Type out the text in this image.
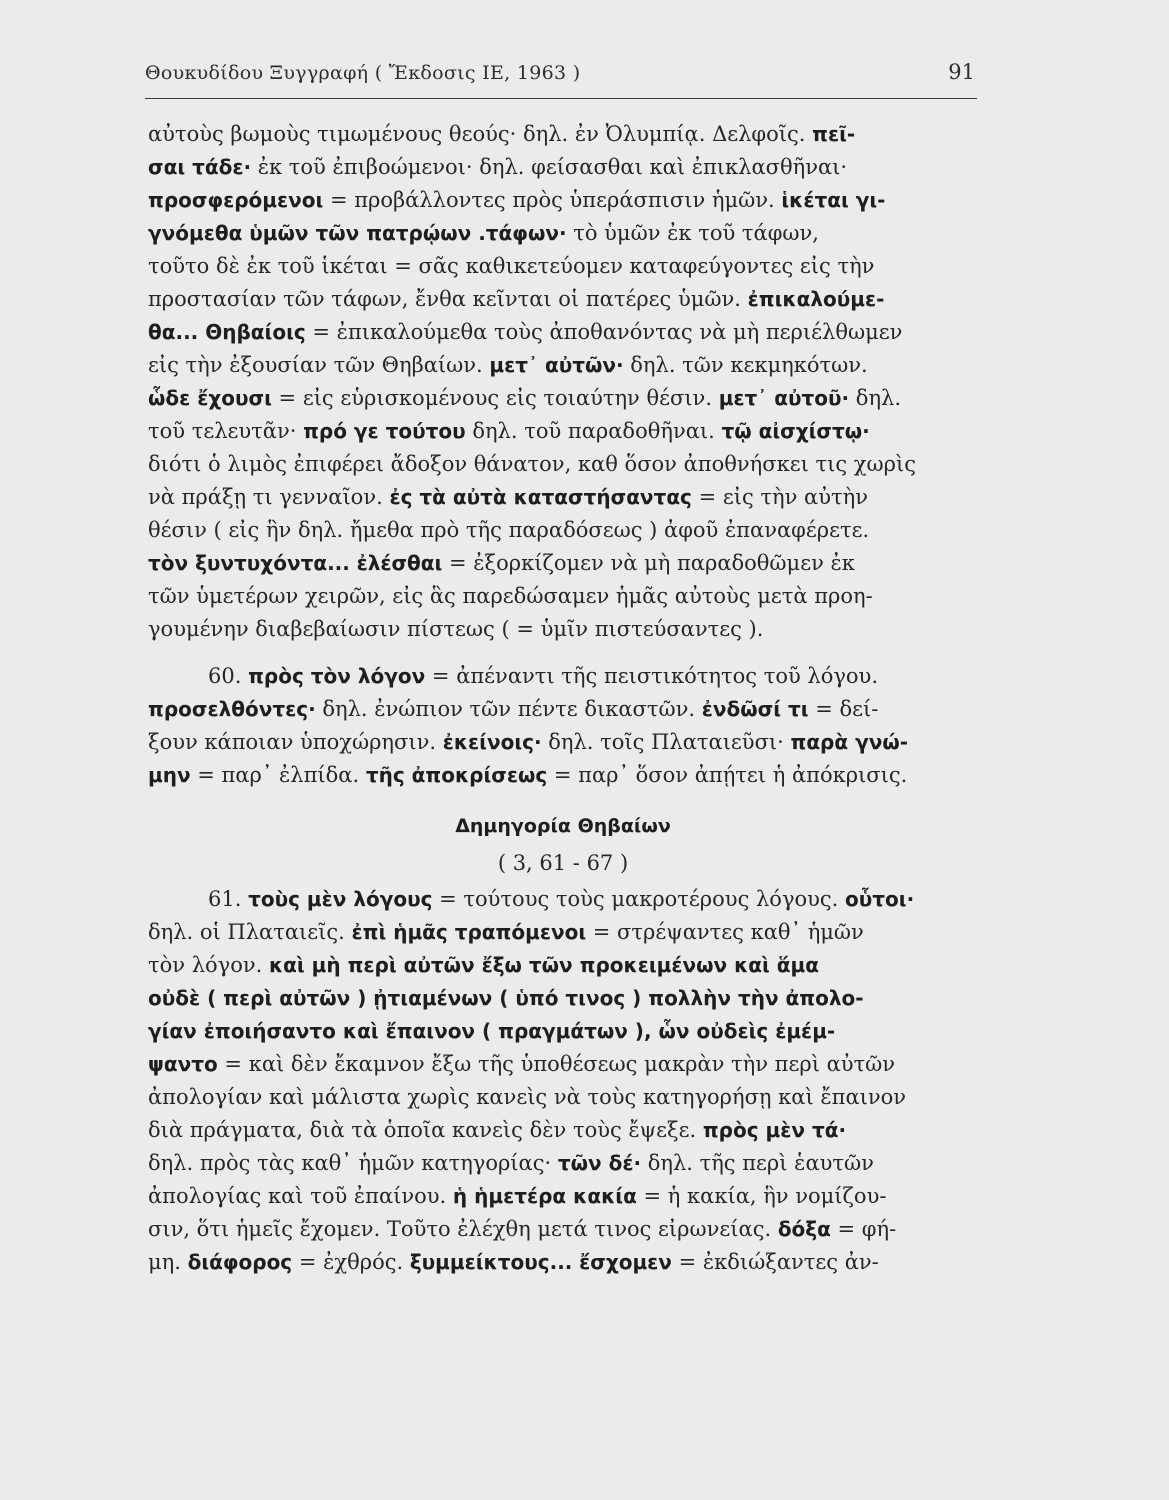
Θουκυδίδου Ξυγγραφή ( Ἔκδοσις ΙΕ, 1963 )	91
αὐτοὺς βωμοὺς τιμωμένους θεούς· δηλ. ἐν Ὀλυμπίᾳ. Δελφοῖς. πεῖ-
σαι τάδε· ἐκ τοῦ ἐπιβοώμενοι· δηλ. φείσασθαι καὶ ἐπικλασθῆναι·
προσφερόμενοι = προβάλλοντες πρὸς ὑπεράσπισιν ἡμῶν. ἱκέται γι-
γνόμεθα ὑμῶν τῶν πατρῴων .τάφων· τὸ ὑμῶν ἐκ τοῦ τάφων,
τοῦτο δὲ ἐκ τοῦ ἱκέται = σᾶς καθικετεύομεν καταφεύγοντες εἰς τὴν
προστασίαν τῶν τάφων, ἔνθα κεῖνται οἱ πατέρες ὑμῶν. ἐπικαλούμε-
θα... Θηβαίοις = ἐπικαλούμεθα τοὺς ἀποθανόντας νὰ μὴ περιέλθωμεν
εἰς τὴν ἐξουσίαν τῶν Θηβαίων. μετ᾽ αὐτῶν· δηλ. τῶν κεκμηκότων.
ὧδε ἔχουσι = εἰς εὑρισκομένους εἰς τοιαύτην θέσιν. μετ᾽ αὐτοῦ· δηλ.
τοῦ τελευτᾶν· πρό γε τούτου δηλ. τοῦ παραδοθῆναι. τῷ αἰσχίστῳ·
διότι ὁ λιμὸς ἐπιφέρει ἄδοξον θάνατον, καθ ὅσον ἀποθνήσκει τις χωρὶς
νὰ πράξῃ τι γενναῖον. ἐς τὰ αὐτὰ καταστήσαντας = εἰς τὴν αὐτὴν
θέσιν ( εἰς ἣν δηλ. ἤμεθα πρὸ τῆς παραδόσεως ) ἀφοῦ ἐπαναφέρετε.
τὸν ξυντυχόντα... ἐλέσθαι = ἐξορκίζομεν νὰ μὴ παραδοθῶμεν ἐκ
τῶν ὑμετέρων χειρῶν, εἰς ἃς παρεδώσαμεν ἡμᾶς αὐτοὺς μετὰ προη-
γουμένην διαβεβαίωσιν πίστεως ( = ὑμῖν πιστεύσαντες ).
60. πρὸς τὸν λόγον = ἀπέναντι τῆς πειστικότητος τοῦ λόγου.
προσελθόντες· δηλ. ἐνώπιον τῶν πέντε δικαστῶν. ἐνδῶσί τι = δεί-
ξουν κάποιαν ὑποχώρησιν. ἐκείνοις· δηλ. τοῖς Πλαταιεῦσι· παρὰ γνώ-
μην = παρ᾽ ἐλπίδα. τῆς ἀποκρίσεως = παρ᾽ ὅσον ἀπῄτει ἡ ἀπόκρισις.
Δημηγορία Θηβαίων
( 3, 61 - 67 )
61. τοὺς μὲν λόγους = τούτους τοὺς μακροτέρους λόγους. οὗτοι·
δηλ. οἱ Πλαταιεῖς. ἐπὶ ἡμᾶς τραπόμενοι = στρέψαντες καθ᾽ ἡμῶν
τὸν λόγον. καὶ μὴ περὶ αὐτῶν ἔξω τῶν προκειμένων καὶ ἅμα
οὐδὲ ( περὶ αὐτῶν ) ᾐτιαμένων ( ὑπό τινος ) πολλὴν τὴν ἀπολο-
γίαν ἐποιήσαντο καὶ ἔπαινον ( πραγμάτων ), ὧν οὐδεὶς ἐμέμ-
ψαντο = καὶ δὲν ἔκαμνον ἔξω τῆς ὑποθέσεως μακρὰν τὴν περὶ αὐτῶν
ἀπολογίαν καὶ μάλιστα χωρὶς κανεὶς νὰ τοὺς κατηγορήσῃ καὶ ἔπαινον
διὰ πράγματα, διὰ τὰ ὁποῖα κανεὶς δὲν τοὺς ἔψεξε. πρὸς μὲν τά·
δηλ. πρὸς τὰς καθ᾽ ἡμῶν κατηγορίας· τῶν δέ· δηλ. τῆς περὶ ἑαυτῶν
ἀπολογίας καὶ τοῦ ἐπαίνου. ἡ ἡμετέρα κακία = ἡ κακία, ἣν νομίζου-
σιν, ὅτι ἡμεῖς ἔχομεν. Τοῦτο ἐλέχθη μετά τινος εἰρωνείας. δόξα = φή-
μη. διάφορος = ἐχθρός. ξυμμείκτους... ἔσχομεν = ἐκδιώξαντες ἀν-
